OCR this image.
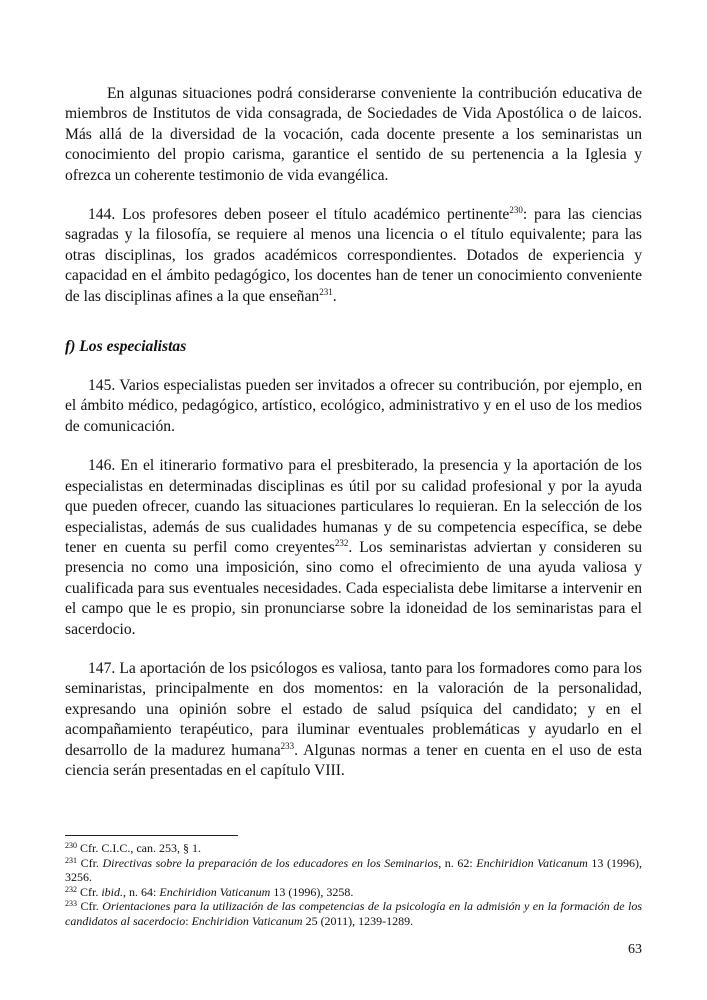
En algunas situaciones podrá considerarse conveniente la contribución educativa de miembros de Institutos de vida consagrada, de Sociedades de Vida Apostólica o de laicos. Más allá de la diversidad de la vocación, cada docente presente a los seminaristas un conocimiento del propio carisma, garantice el sentido de su pertenencia a la Iglesia y ofrezca un coherente testimonio de vida evangélica.

144. Los profesores deben poseer el título académico pertinente$^{230}$: para las ciencias sagradas y la filosofía, se requiere al menos una licencia o el título equivalente; para las otras disciplinas, los grados académicos correspondientes. Dotados de experiencia y capacidad en el ámbito pedagógico, los docentes han de tener un conocimiento conveniente de las disciplinas afines a la que enseñan$^{231}$.

f) Los especialistas

145. Varios especialistas pueden ser invitados a ofrecer su contribución, por ejemplo, en el ámbito médico, pedagógico, artístico, ecológico, administrativo y en el uso de los medios de comunicación.

146. En el itinerario formativo para el presbiterado, la presencia y la aportación de los especialistas en determinadas disciplinas es útil por su calidad profesional y por la ayuda que pueden ofrecer, cuando las situaciones particulares lo requieran. En la selección de los especialistas, además de sus cualidades humanas y de su competencia específica, se debe tener en cuenta su perfil como creyentes$^{232}$. Los seminaristas adviertan y consideren su presencia no como una imposición, sino como el ofrecimiento de una ayuda valiosa y cualificada para sus eventuales necesidades. Cada especialista debe limitarse a intervenir en el campo que le es propio, sin pronunciarse sobre la idoneidad de los seminaristas para el sacerdocio.

147. La aportación de los psicólogos es valiosa, tanto para los formadores como para los seminaristas, principalmente en dos momentos: en la valoración de la personalidad, expresando una opinión sobre el estado de salud psíquica del candidato; y en el acompañamiento terapéutico, para iluminar eventuales problemáticas y ayudarlo en el desarrollo de la madurez humana$^{233}$. Algunas normas a tener en cuenta en el uso de esta ciencia serán presentadas en el capítulo VIII.

$^{230}$ Cfr. C.I.C., can. 253, § 1.

$^{231}$ Cfr. Directivas sobre la preparación de los educadores en los Seminarios, n. 62: Enchiridion Vaticanum 13 (1996), 3256.

$^{232}$ Cfr. ibid., n. 64: Enchiridion Vaticanum 13 (1996), 3258.

$^{233}$ Cfr. Orientaciones para la utilización de las competencias de la psicología en la admisión y en la formación de los candidatos al sacerdocio: Enchiridion Vaticanum 25 (2011), 1239-1289.

63
